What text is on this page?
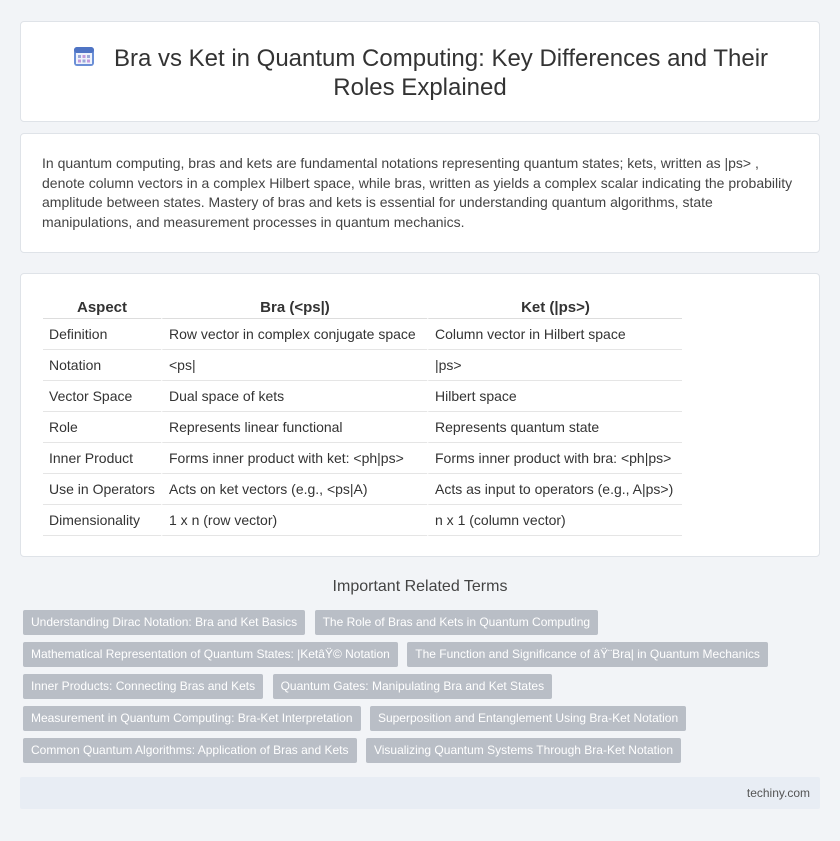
Bra vs Ket in Quantum Computing: Key Differences and Their Roles Explained

In quantum computing, bras and kets are fundamental notations representing quantum states; kets, written as |ps> , denote column vectors in a complex Hilbert space, while bras, written as yields a complex scalar indicating the probability amplitude between states. Mastery of bras and kets is essential for understanding quantum algorithms, state manipulations, and measurement processes in quantum mechanics.

Aspect	Bra (<ps|)	Ket (|ps>)
Definition	Row vector in complex conjugate space	Column vector in Hilbert space
Notation	<ps|	|ps>
Vector Space	Dual space of kets	Hilbert space
Role	Represents linear functional	Represents quantum state
Inner Product	Forms inner product with ket: <ph|ps>	Forms inner product with bra: <ph|ps>
Use in Operators	Acts on ket vectors (e.g., <ps|A)	Acts as input to operators (e.g., A|ps>)
Dimensionality	1 x n (row vector)	n x 1 (column vector)
Important Related Terms
Understanding Dirac Notation: Bra and Ket Basics The Role of Bras and Kets in Quantum Computing
Mathematical Representation of Quantum States: |KetâŸ© Notation The Function and Significance of âŸ¨Bra| in Quantum Mechanics
Inner Products: Connecting Bras and Kets Quantum Gates: Manipulating Bra and Ket States
Measurement in Quantum Computing: Bra-Ket Interpretation Superposition and Entanglement Using Bra-Ket Notation
Common Quantum Algorithms: Application of Bras and Kets Visualizing Quantum Systems Through Bra-Ket Notation
techiny.com
